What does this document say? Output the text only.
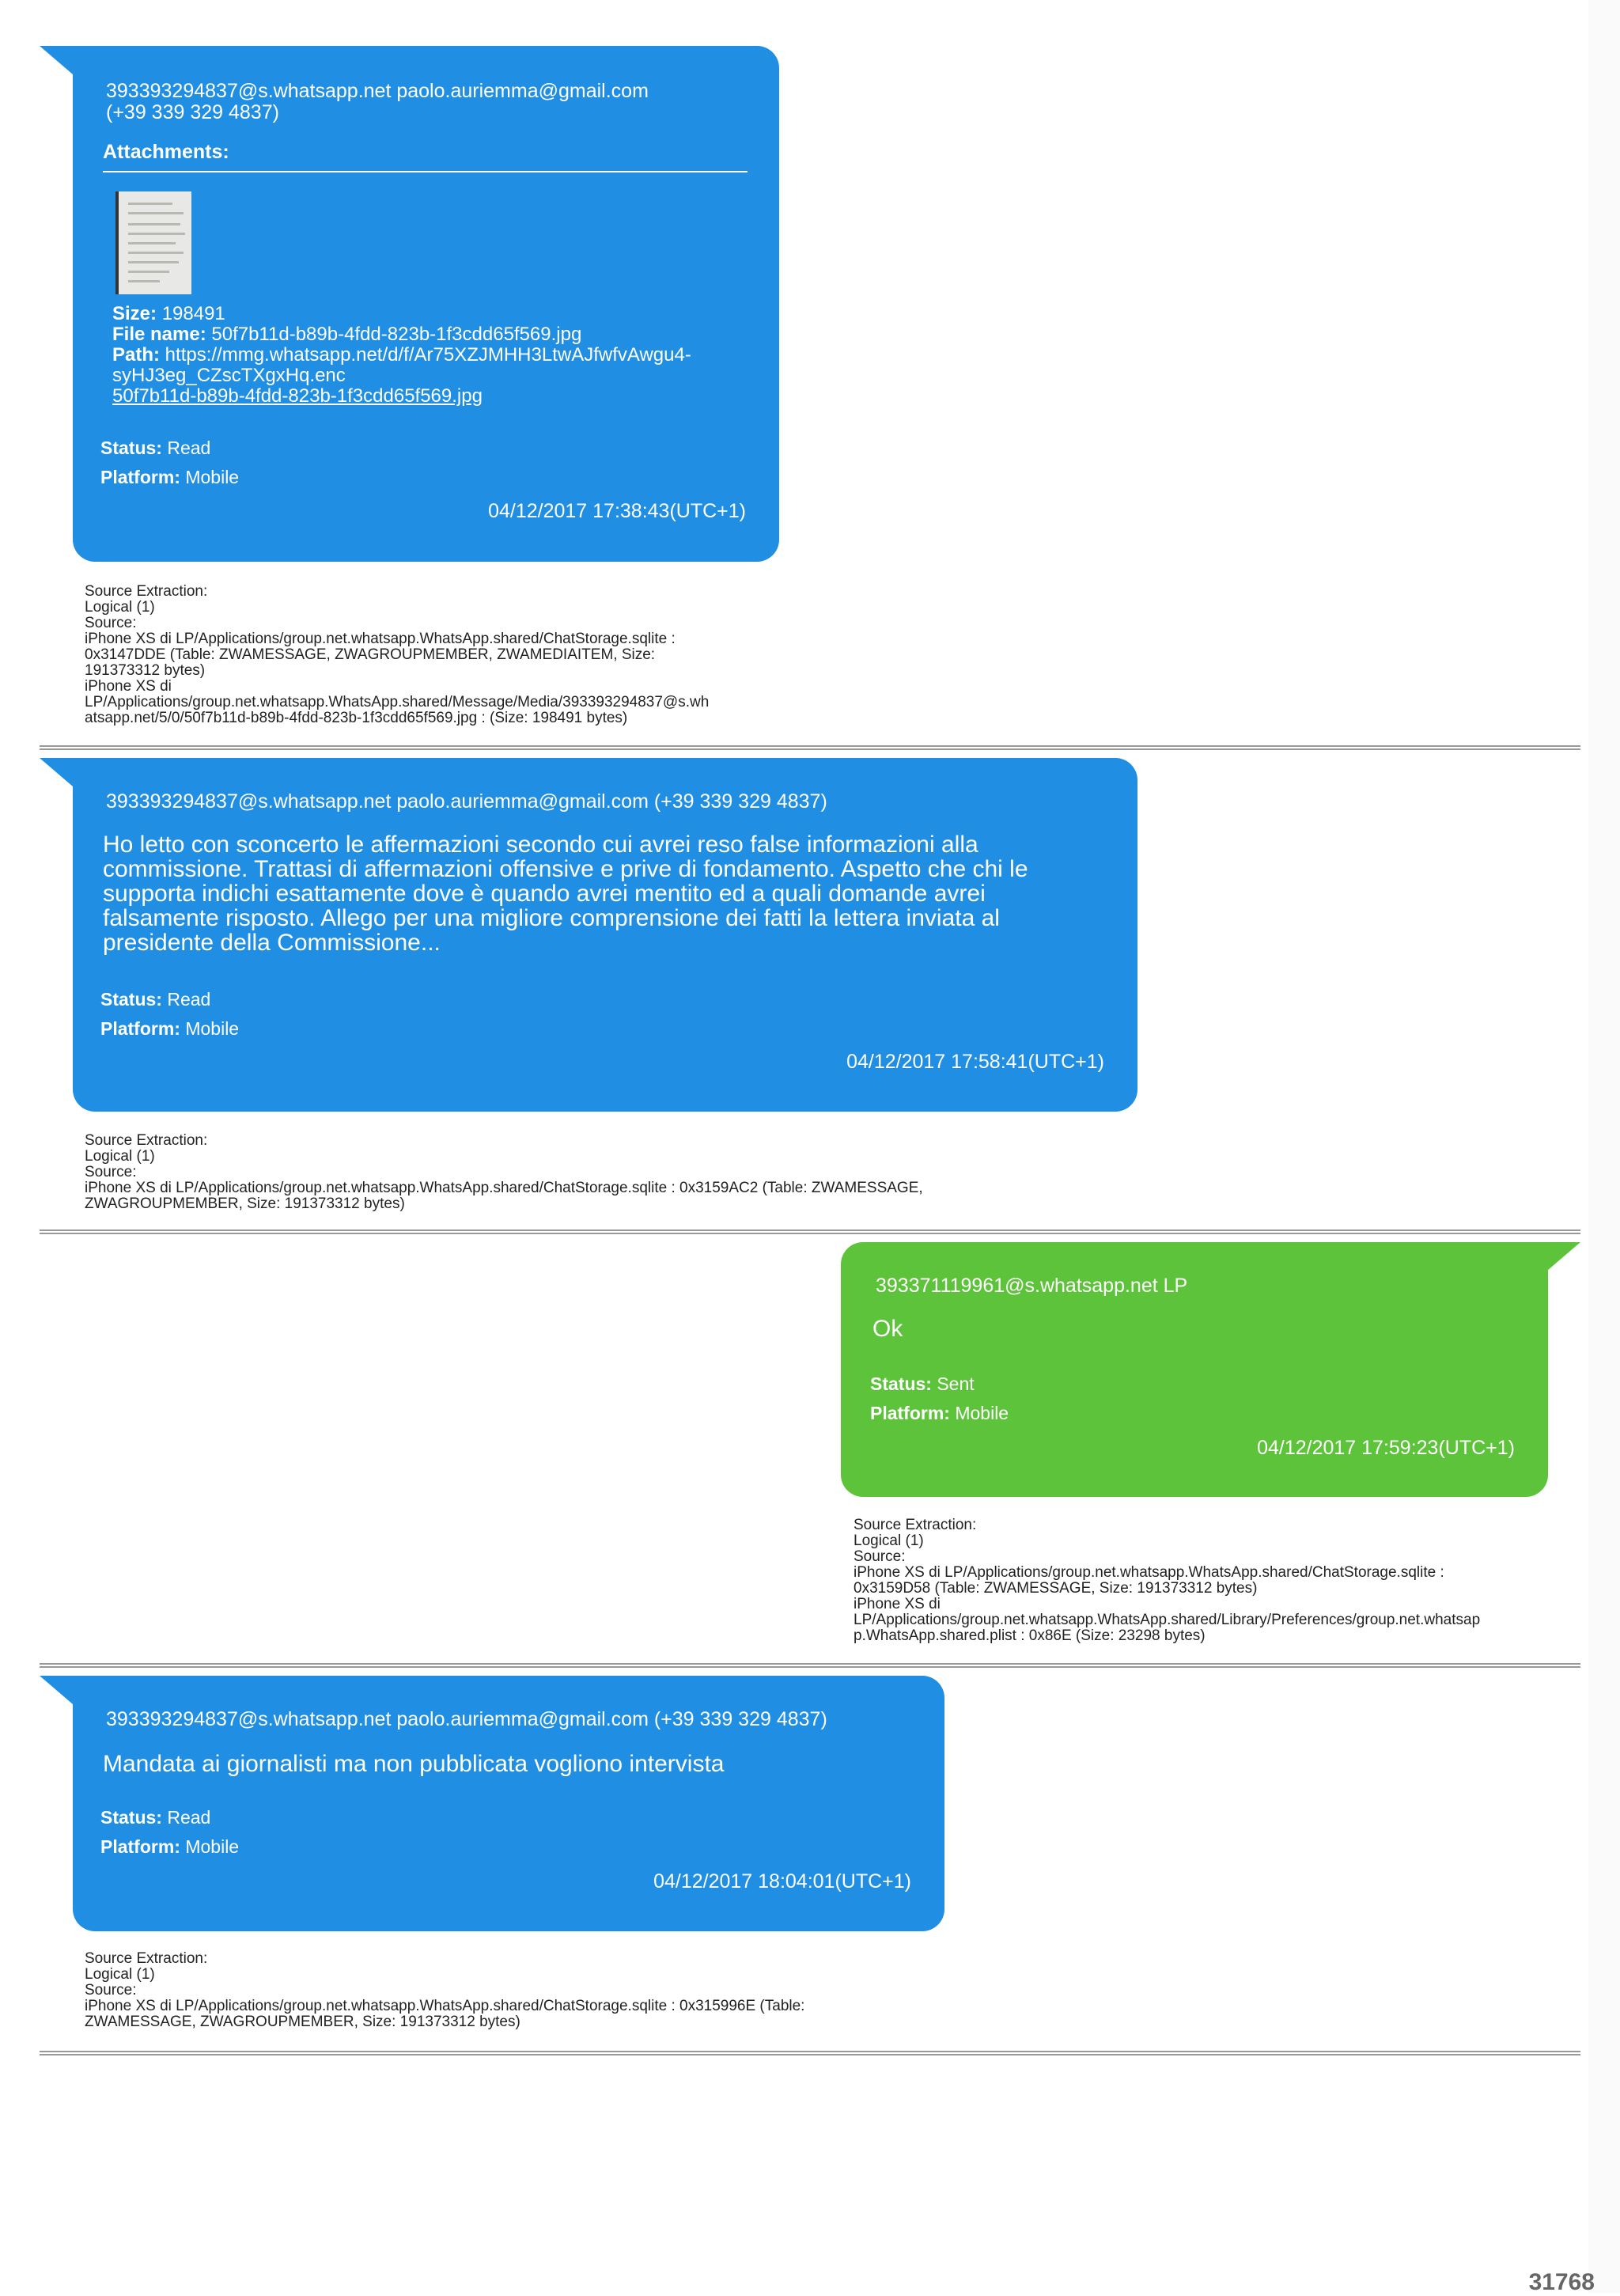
393393294837@s.whatsapp.net paolo.auriemma@gmail.com
(+39 339 329 4837)
Attachments:
Size: 198491
File name: 50f7b11d-b89b-4fdd-823b-1f3cdd65f569.jpg
Path: https://mmg.whatsapp.net/d/f/Ar75XZJMHH3LtwAJfwfvAwgu4-
syHJ3eg_CZscTXgxHq.enc
50f7b11d-b89b-4fdd-823b-1f3cdd65f569.jpg
Status: Read
Platform: Mobile
04/12/2017 17:38:43(UTC+1)
Source Extraction:
Logical (1)
Source:
iPhone XS di LP/Applications/group.net.whatsapp.WhatsApp.shared/ChatStorage.sqlite :
0x3147DDE (Table: ZWAMESSAGE, ZWAGROUPMEMBER, ZWAMEDIAITEM, Size:
191373312 bytes)
iPhone XS di
LP/Applications/group.net.whatsapp.WhatsApp.shared/Message/Media/393393294837@s.wh
atsapp.net/5/0/50f7b11d-b89b-4fdd-823b-1f3cdd65f569.jpg : (Size: 198491 bytes)
393393294837@s.whatsapp.net paolo.auriemma@gmail.com (+39 339 329 4837)
Ho letto con sconcerto le affermazioni secondo cui avrei reso false informazioni alla commissione. Trattasi di affermazioni offensive e prive di fondamento. Aspetto che chi le supporta indichi esattamente dove è quando avrei mentito ed a quali domande avrei falsamente risposto. Allego per una migliore comprensione dei fatti la lettera inviata al presidente della Commissione...
Status: Read
Platform: Mobile
04/12/2017 17:58:41(UTC+1)
Source Extraction:
Logical (1)
Source:
iPhone XS di LP/Applications/group.net.whatsapp.WhatsApp.shared/ChatStorage.sqlite : 0x3159AC2 (Table: ZWAMESSAGE,
ZWAGROUPMEMBER, Size: 191373312 bytes)
393371119961@s.whatsapp.net LP
Ok
Status: Sent
Platform: Mobile
04/12/2017 17:59:23(UTC+1)
Source Extraction:
Logical (1)
Source:
iPhone XS di LP/Applications/group.net.whatsapp.WhatsApp.shared/ChatStorage.sqlite :
0x3159D58 (Table: ZWAMESSAGE, Size: 191373312 bytes)
iPhone XS di
LP/Applications/group.net.whatsapp.WhatsApp.shared/Library/Preferences/group.net.whatsap
p.WhatsApp.shared.plist : 0x86E (Size: 23298 bytes)
393393294837@s.whatsapp.net paolo.auriemma@gmail.com (+39 339 329 4837)
Mandata ai giornalisti ma non pubblicata vogliono intervista
Status: Read
Platform: Mobile
04/12/2017 18:04:01(UTC+1)
Source Extraction:
Logical (1)
Source:
iPhone XS di LP/Applications/group.net.whatsapp.WhatsApp.shared/ChatStorage.sqlite : 0x315996E (Table:
ZWAMESSAGE, ZWAGROUPMEMBER, Size: 191373312 bytes)
31768
